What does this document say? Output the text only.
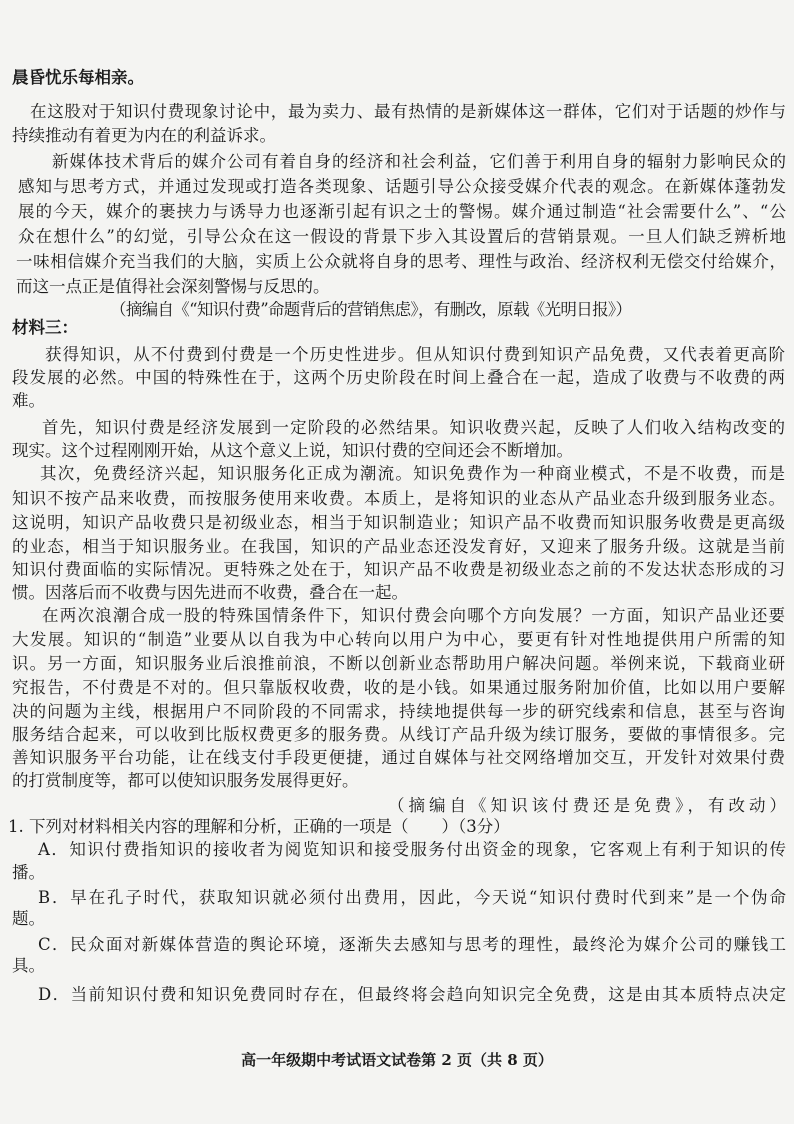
晨昏忧乐每相亲。
在这股对于知识付费现象讨论中，最为卖力、最有热情的是新媒体这一群体，它们对于话题的炒作与
持续推动有着更为内在的利益诉求。
新媒体技术背后的媒介公司有着自身的经济和社会利益，它们善于利用自身的辐射力影响民众的
感知与思考方式，并通过发现或打造各类现象、话题引导公众接受媒介代表的观念。在新媒体蓬勃发
展的今天，媒介的裹挟力与诱导力也逐渐引起有识之士的警惕。媒介通过制造“社会需要什么”、“公
众在想什么”的幻觉，引导公众在这一假设的背景下步入其设置后的营销景观。一旦人们缺乏辨析地
一味相信媒介充当我们的大脑，实质上公众就将自身的思考、理性与政治、经济权利无偿交付给媒介，
而这一点正是值得社会深刻警惕与反思的。
（摘编自《“知识付费”命题背后的营销焦虑》，有删改，原载《光明日报》）
材料三：
获得知识，从不付费到付费是一个历史性进步。但从知识付费到知识产品免费，又代表着更高阶
段发展的必然。中国的特殊性在于，这两个历史阶段在时间上叠合在一起，造成了收费与不收费的两
难。
首先，知识付费是经济发展到一定阶段的必然结果。知识收费兴起，反映了人们收入结构改变的
现实。这个过程刚刚开始，从这个意义上说，知识付费的空间还会不断增加。
其次，免费经济兴起，知识服务化正成为潮流。知识免费作为一种商业模式，不是不收费，而是
知识不按产品来收费，而按服务使用来收费。本质上，是将知识的业态从产品业态升级到服务业态。
这说明，知识产品收费只是初级业态，相当于知识制造业；知识产品不收费而知识服务收费是更高级
的业态，相当于知识服务业。在我国，知识的产品业态还没发育好，又迎来了服务升级。这就是当前
知识付费面临的实际情况。更特殊之处在于，知识产品不收费是初级业态之前的不发达状态形成的习
惯。因落后而不收费与因先进而不收费，叠合在一起。
在两次浪潮合成一股的特殊国情条件下，知识付费会向哪个方向发展？一方面，知识产品业还要
大发展。知识的“制造”业要从以自我为中心转向以用户为中心，要更有针对性地提供用户所需的知
识。另一方面，知识服务业后浪推前浪，不断以创新业态帮助用户解决问题。举例来说，下载商业研
究报告，不付费是不对的。但只靠版权收费，收的是小钱。如果通过服务附加价值，比如以用户要解
决的问题为主线，根据用户不同阶段的不同需求，持续地提供每一步的研究线索和信息，甚至与咨询
服务结合起来，可以收到比版权费更多的服务费。从线订产品升级为续订服务，要做的事情很多。完
善知识服务平台功能，让在线支付手段更便捷，通过自媒体与社交网络增加交互，开发针对效果付费
的打赏制度等，都可以使知识服务发展得更好。
（摘编自《知识该付费还是免费》，有改动）
1. 下列对材料相关内容的理解和分析，正确的一项是（　　）（3分）
A．知识付费指知识的接收者为阅览知识和接受服务付出资金的现象，它客观上有利于知识的传
播。
B．早在孔子时代，获取知识就必须付出费用，因此，今天说“知识付费时代到来”是一个伪命
题。
C．民众面对新媒体营造的舆论环境，逐渐失去感知与思考的理性，最终沦为媒介公司的赚钱工
具。
D．当前知识付费和知识免费同时存在，但最终将会趋向知识完全免费，这是由其本质特点决定
高一年级期中考试语文试卷第 2 页（共 8 页）
